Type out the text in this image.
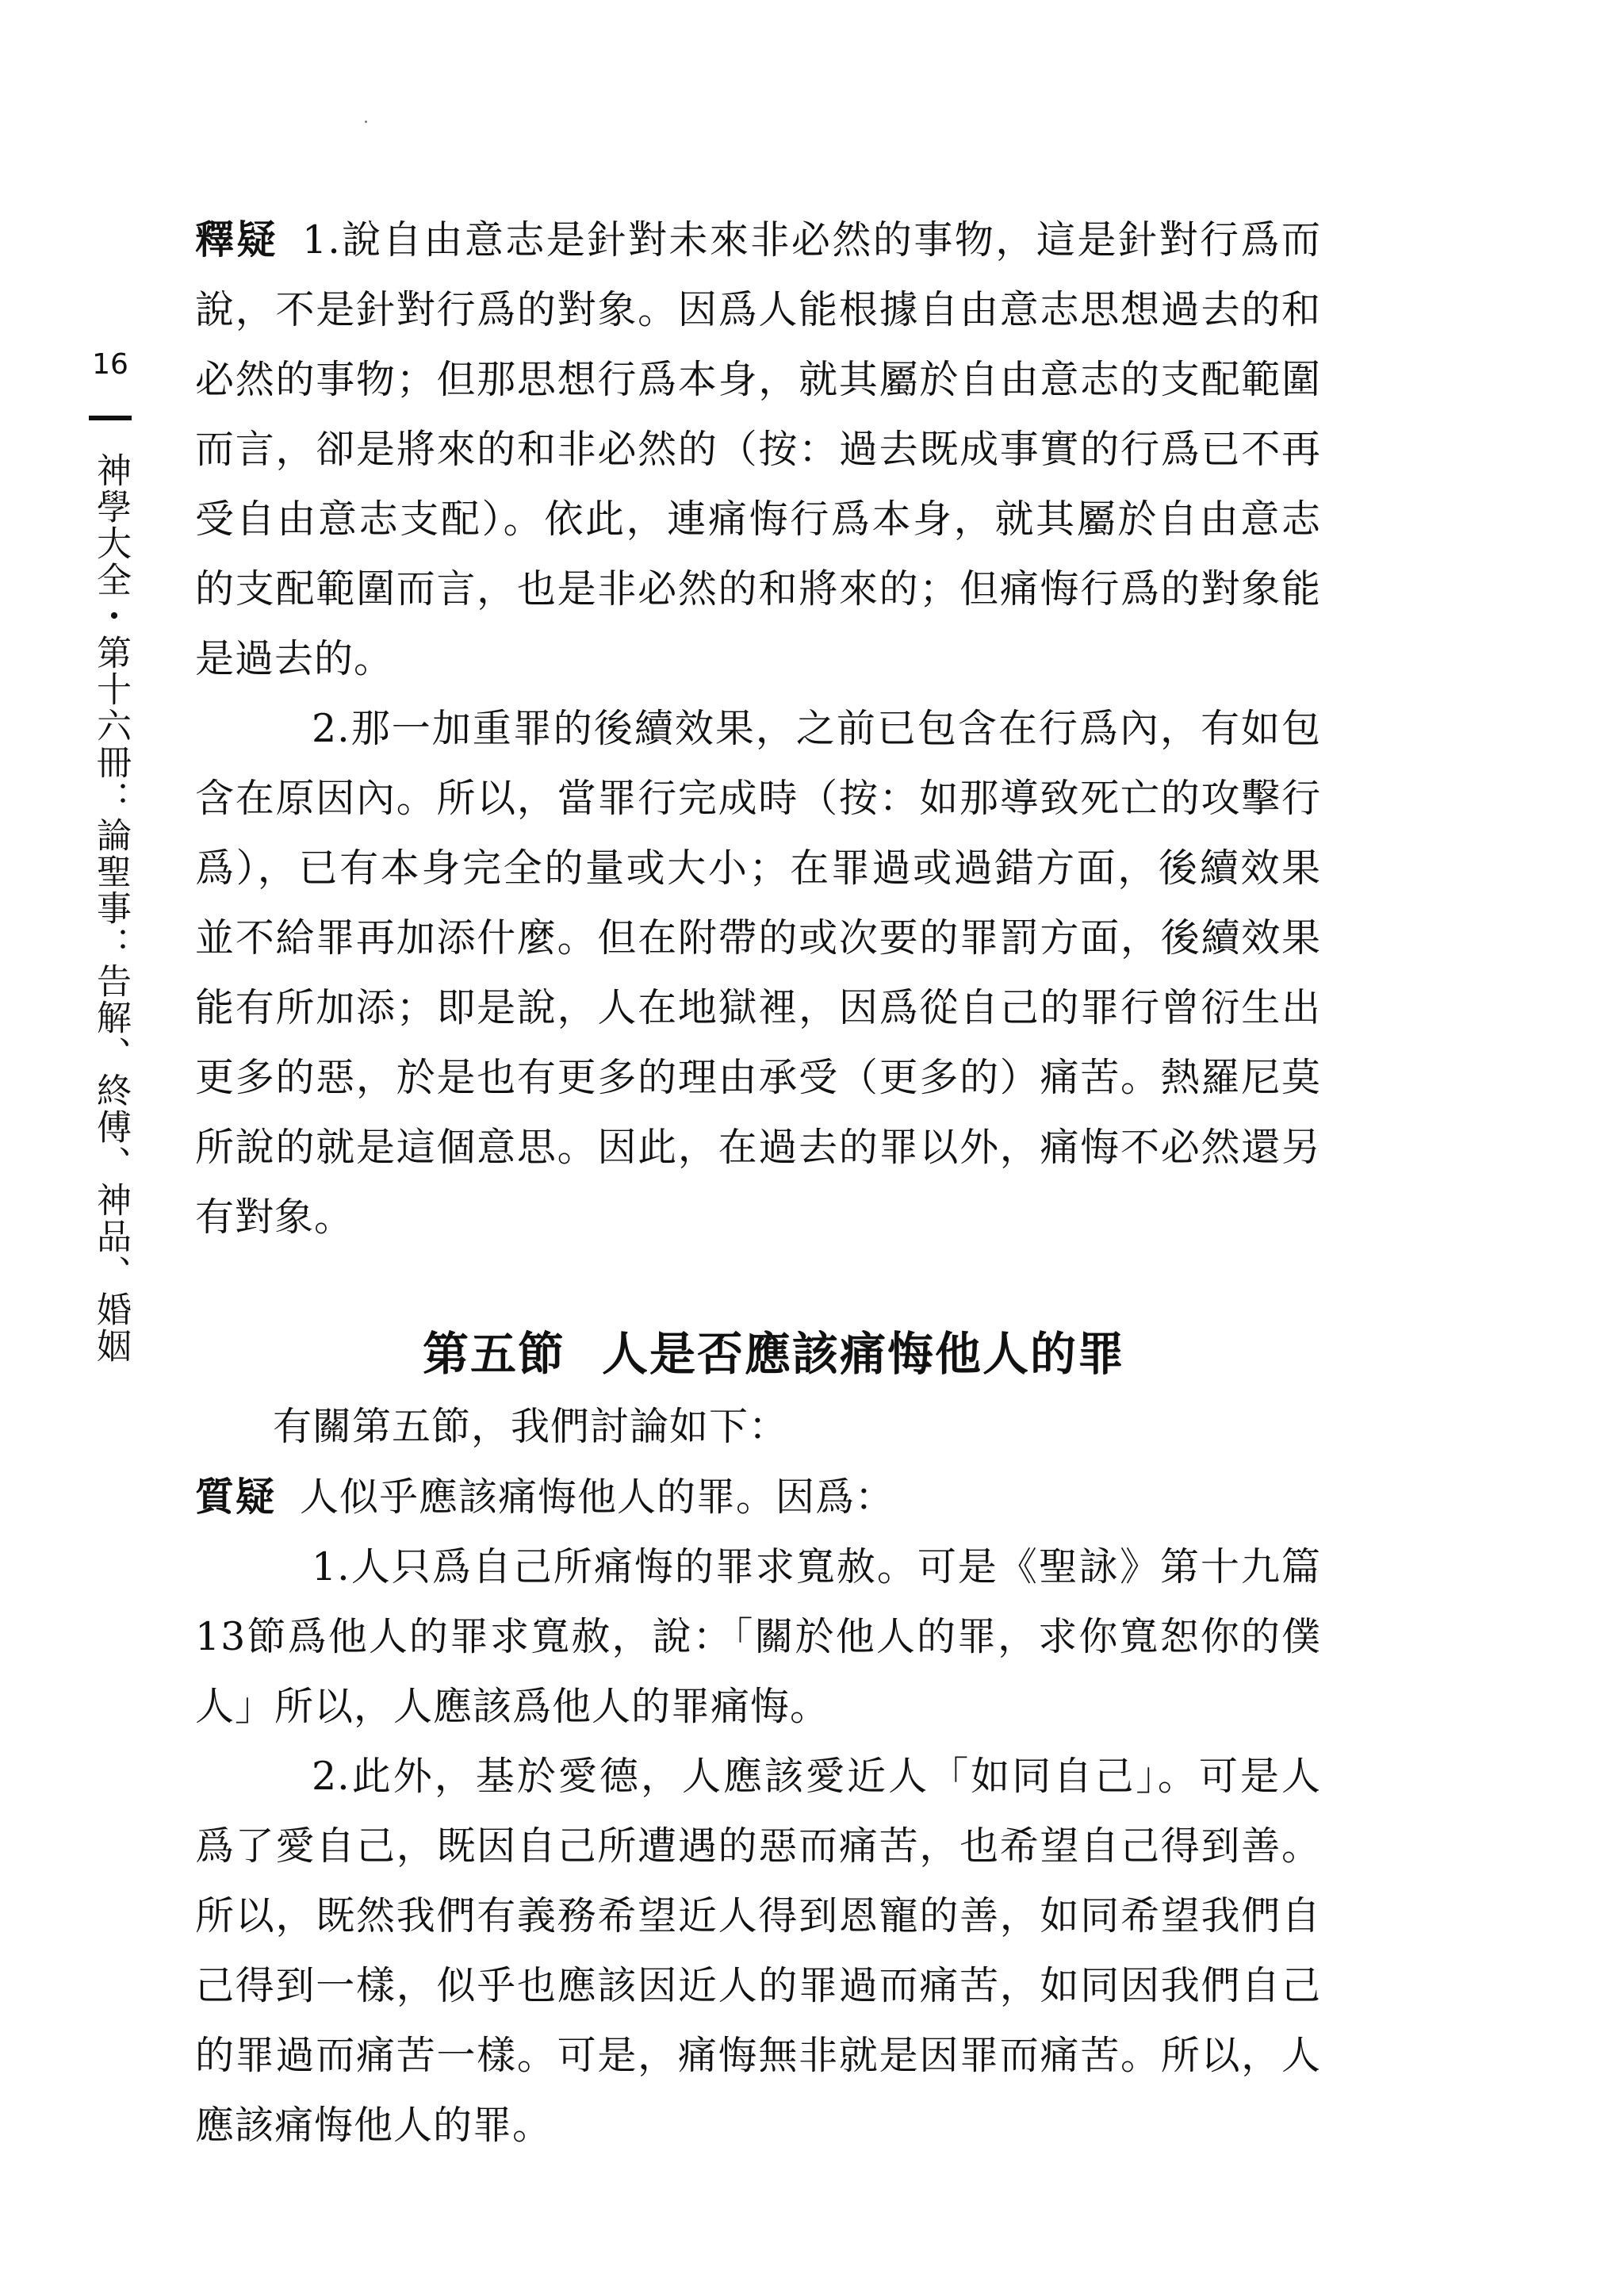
16
神學大全・第十六冊：論聖事：告解、終傅、神品、婚姻

釋疑 1.說自由意志是針對未來非必然的事物，這是針對行爲而說，不是針對行爲的對象。因爲人能根據自由意志思想過去的和必然的事物；但那思想行爲本身，就其屬於自由意志的支配範圍而言，卻是將來的和非必然的（按：過去既成事實的行爲已不再受自由意志支配）。依此，連痛悔行爲本身，就其屬於自由意志的支配範圍而言，也是非必然的和將來的；但痛悔行爲的對象能是過去的。

2.那一加重罪的後續效果，之前已包含在行爲內，有如包含在原因內。所以，當罪行完成時（按：如那導致死亡的攻擊行爲），已有本身完全的量或大小；在罪過或過錯方面，後續效果並不給罪再加添什麼。但在附帶的或次要的罪罰方面，後續效果能有所加添；即是說，人在地獄裡，因爲從自己的罪行曾衍生出更多的惡，於是也有更多的理由承受（更多的）痛苦。熱羅尼莫所說的就是這個意思。因此，在過去的罪以外，痛悔不必然還另有對象。

第五節 人是否應該痛悔他人的罪

有關第五節，我們討論如下：

質疑 人似乎應該痛悔他人的罪。因爲：

1.人只爲自己所痛悔的罪求寬赦。可是《聖詠》第十九篇13節爲他人的罪求寬赦，說：「關於他人的罪，求你寬恕你的僕人」所以，人應該爲他人的罪痛悔。

2.此外，基於愛德，人應該愛近人「如同自己」。可是人爲了愛自己，既因自己所遭遇的惡而痛苦，也希望自己得到善。所以，既然我們有義務希望近人得到恩寵的善，如同希望我們自己得到一樣，似乎也應該因近人的罪過而痛苦，如同因我們自己的罪過而痛苦一樣。可是，痛悔無非就是因罪而痛苦。所以，人應該痛悔他人的罪。
